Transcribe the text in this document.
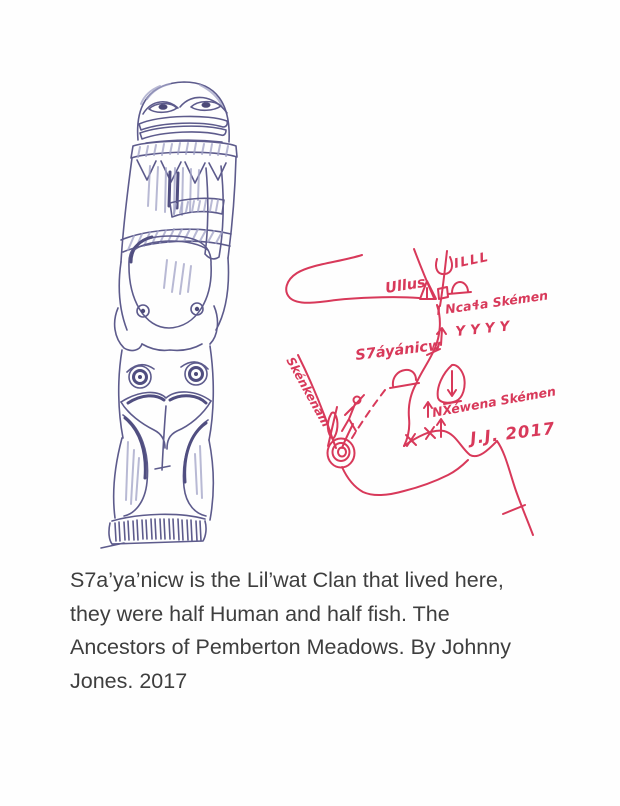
Ullus
ILLL
I Ncaɬa Skémen
YYYY
S7áyánicw
Skénkenam	NXéwena Skémen
J.J. 2017
S7a’ya’nicw is the Lil’wat Clan that lived here,
they were half Human and half fish. The
Ancestors of Pemberton Meadows. By Johnny
Jones. 2017
